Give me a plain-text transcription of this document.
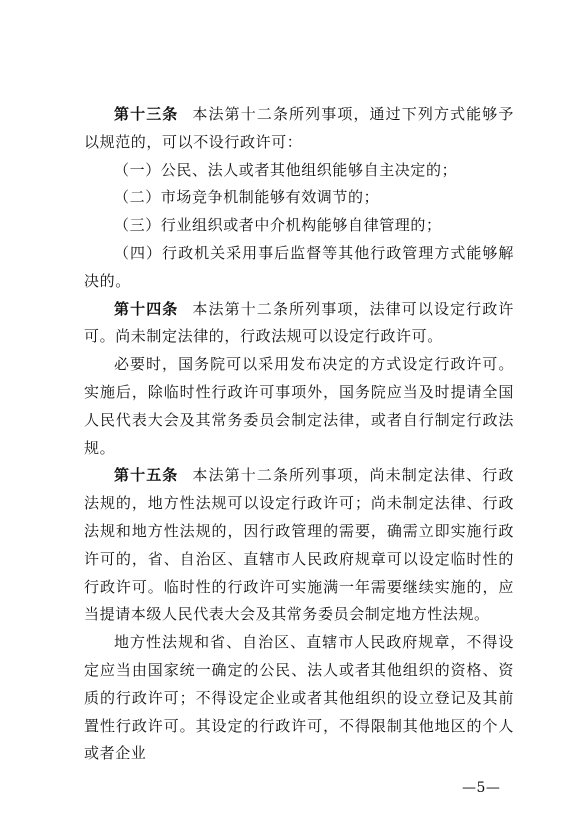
第十三条 本法第十二条所列事项，通过下列方式能够予以规范的，可以不设行政许可：

（一）公民、法人或者其他组织能够自主决定的；

（二）市场竞争机制能够有效调节的；

（三）行业组织或者中介机构能够自律管理的；

（四）行政机关采用事后监督等其他行政管理方式能够解决的。

第十四条 本法第十二条所列事项，法律可以设定行政许可。尚未制定法律的，行政法规可以设定行政许可。

必要时，国务院可以采用发布决定的方式设定行政许可。实施后，除临时性行政许可事项外，国务院应当及时提请全国人民代表大会及其常务委员会制定法律，或者自行制定行政法规。

第十五条 本法第十二条所列事项，尚未制定法律、行政法规的，地方性法规可以设定行政许可；尚未制定法律、行政法规和地方性法规的，因行政管理的需要，确需立即实施行政许可的，省、自治区、直辖市人民政府规章可以设定临时性的行政许可。临时性的行政许可实施满一年需要继续实施的，应当提请本级人民代表大会及其常务委员会制定地方性法规。

地方性法规和省、自治区、直辖市人民政府规章，不得设定应当由国家统一确定的公民、法人或者其他组织的资格、资质的行政许可；不得设定企业或者其他组织的设立登记及其前置性行政许可。其设定的行政许可，不得限制其他地区的个人或者企业

—5—
